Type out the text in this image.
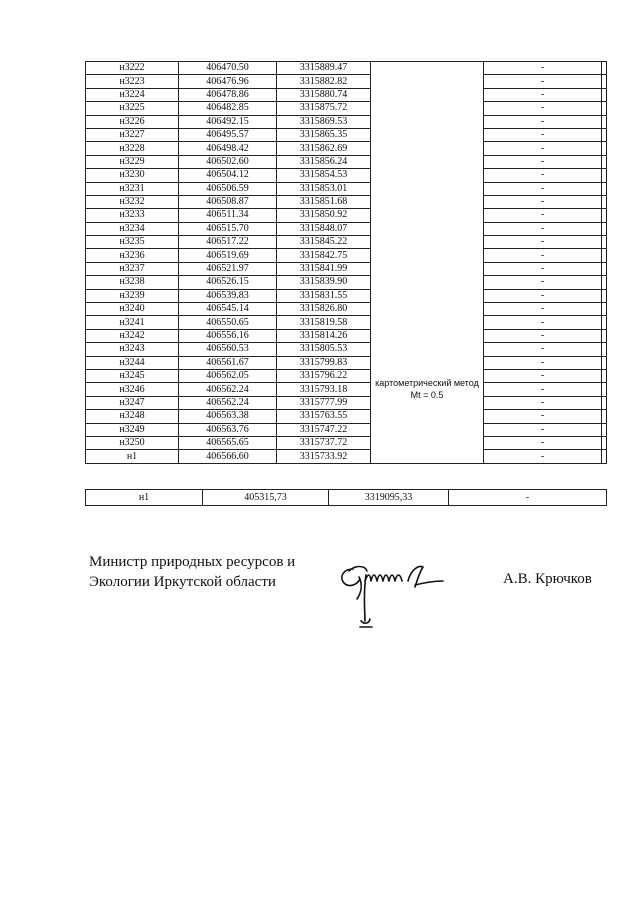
н3222	406470.50	3315889.47	картометрический метод Mt = 0.5	-	
н3223	406476.96	3315882.82		-	
н3224	406478.86	3315880.74		-	
н3225	406482.85	3315875.72		-	
н3226	406492.15	3315869.53		-	
н3227	406495.57	3315865.35		-	
н3228	406498.42	3315862.69		-	
н3229	406502.60	3315856.24		-	
н3230	406504.12	3315854.53		-	
н3231	406506.59	3315853.01		-	
н3232	406508.87	3315851.68		-	
н3233	406511.34	3315850.92		-	
н3234	406515.70	3315848.07		-	
н3235	406517.22	3315845.22		-	
н3236	406519.69	3315842.75		-	
н3237	406521.97	3315841.99		-	
н3238	406526.15	3315839.90		-	
н3239	406539.83	3315831.55		-	
н3240	406545.14	3315826.80		-	
н3241	406550.65	3315819.58		-	
н3242	406556.16	3315814.26		-	
н3243	406560.53	3315805.53		-	
н3244	406561.67	3315799.83		-	
н3245	406562.05	3315796.22		-	
н3246	406562.24	3315793.18		-	
н3247	406562.24	3315777.99		-	
н3248	406563.38	3315763.55		-	
н3249	406563.76	3315747.22		-	
н3250	406565.65	3315737.72		-	
н1	406566.60	3315733.92		-	
н1	405315,73	3319095,33	-
Министр природных ресурсов и
Экологии Иркутской области	А.В. Крючков
